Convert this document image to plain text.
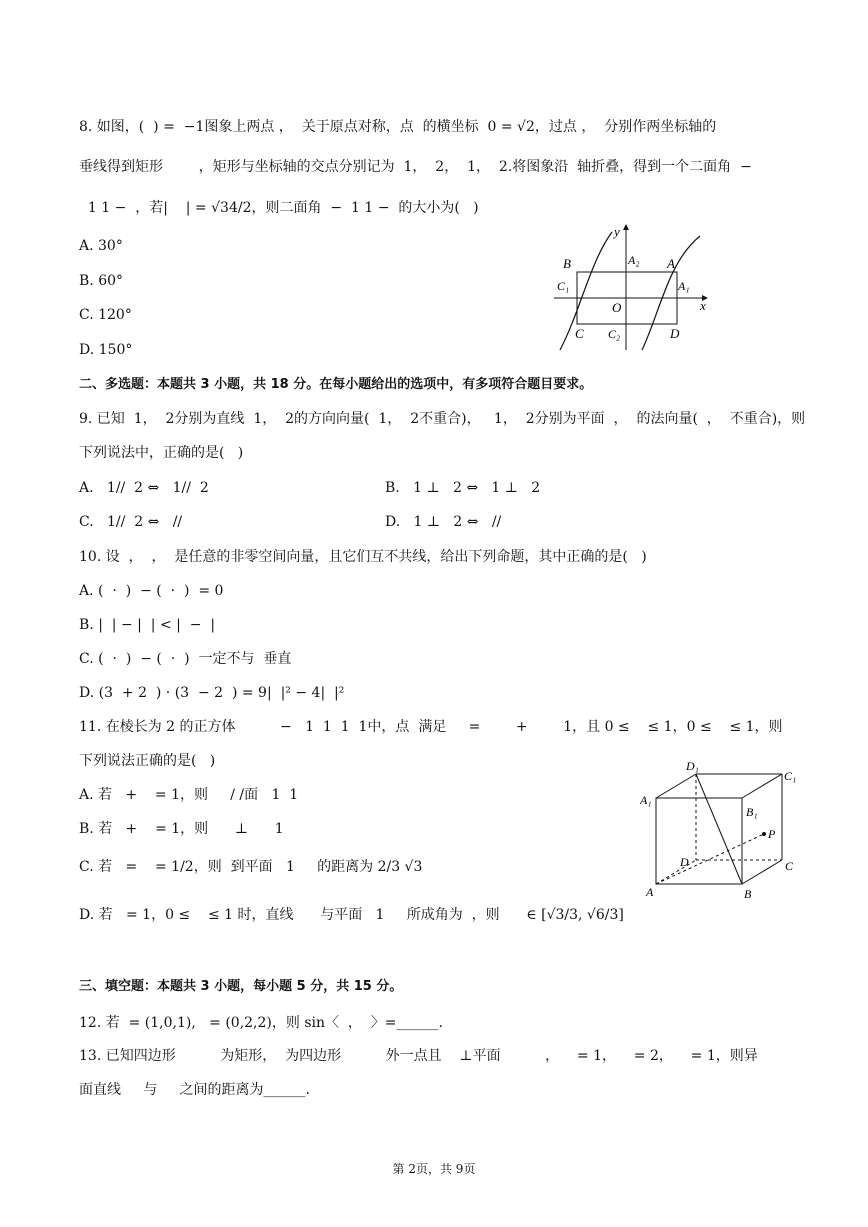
8. 如图，(  ) =  −1图象上两点 ，  关于原点对称，点  的横坐标  0 = √2，过点 ，  分别作两坐标轴的
垂线得到矩形        ，矩形与坐标轴的交点分别记为  1，  2，  1，  2.将图象沿  轴折叠，得到一个二面角  −
1 1 −  ，若|    | = √34/2，则二面角  −  1 1 −  的大小为(   )
A. 30°
B. 60°
C. 120°
D. 150°
y
x
B	A₂ A
C₁
O
A₁
C C₂	D
二、多选题：本题共 3 小题，共 18 分。在每小题给出的选项中，有多项符合题目要求。
9. 已知  1，  2分别为直线  1，  2的方向向量(  1，  2不重合)，   1，  2分别为平面  ，  的法向量(  ，  不重合)，则
下列说法中，正确的是(   )
A.   1//  2 ⇔   1//  2	B.   1 ⊥   2 ⇔   1 ⊥   2
C.   1//  2 ⇔   //	D.   1 ⊥   2 ⇔   //
10. 设  ，  ，  是任意的非零空间向量，且它们互不共线，给出下列命题，其中正确的是(   )
A. (  ·  )  − (  ·  )  = 0
B. |  | − |  | < |  −  |
C. (  ·  )  − (  ·  )  一定不与  垂直
D. (3  + 2  ) · (3  − 2  ) = 9|  |² − 4|  |²
11. 在棱长为 2 的正方体          −   1  1  1  1中，点  满足     =        +        1，且 0 ≤    ≤ 1，0 ≤    ≤ 1，则
下列说法正确的是(   )
A. 若   +    = 1，则     / /面   1  1
B. 若   +    = 1，则      ⊥      1
C. 若   =    = 1/2，则  到平面   1     的距离为 2/3 √3
D. 若   = 1，0 ≤    ≤ 1 时，直线      与平面   1     所成角为  ，则      ∈ [√3/3, √6/3]
D₁
C₁
A₁
B₁
P
D	C
A	B
三、填空题：本题共 3 小题，每小题 5 分，共 15 分。
12. 若  = (1,0,1),   = (0,2,2)，则 sin〈  ，  〉=______.
13. 已知四边形          为矩形，  为四边形          外一点且    ⊥平面          ，    = 1，    = 2，    = 1，则异
面直线     与     之间的距离为______.
第 2页，共 9页
